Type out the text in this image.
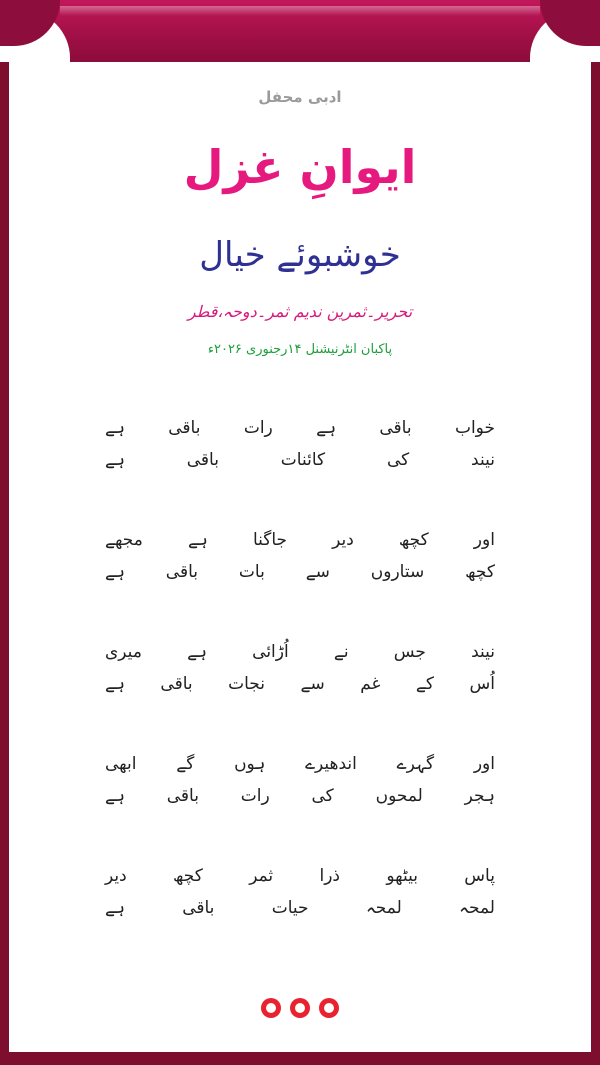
ادبی محفل
ایوانِ غزل
خوشبوئے خیال
تحریر۔ثمرین ندیم ثمر۔دوحہ،قطر
پاکبان انٹرنیشنل ۱۴رجنوری ۲۰۲۶ء
خواب
باقی
ہے
رات
باقی
ہے
نیند
کی
کائنات
باقی
ہے
اور
کچھ
دیر
جاگنا
ہے
مجھے
کچھ
ستاروں
سے
بات
باقی
ہے
نیند
جس
نے
اُڑائی
ہے
میری
اُس
کے
غم
سے
نجات
باقی
ہے
اور
گہرے
اندھیرے
ہوں
گے
ابھی
ہجر
لمحوں
کی
رات
باقی
ہے
پاس
بیٹھو
ذرا
ثمر
کچھ
دیر
لمحہ
لمحہ
حیات
باقی
ہے
